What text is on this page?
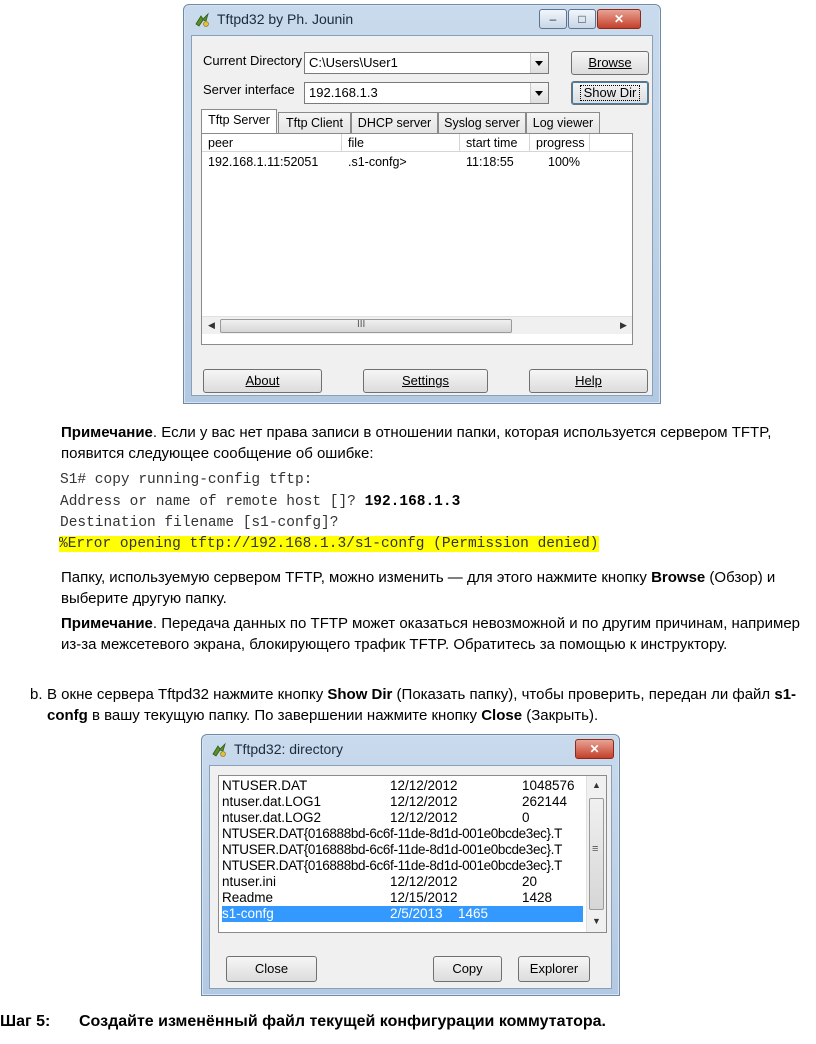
Tftpd32 by Ph. Jounin	‒	□	✕
Current Directory C:\Users\User1	Browse
Server interface 192.168.1.3	Show Dir
Tftp Server	Tftp Client	DHCP server	Syslog server	Log viewer
peer	file	start time	progress
192.168.1.11:52051 .s1-confg>	11:18:55	100%
◀	III	▶
About	Settings	Help
Примечание. Если у вас нет права записи в отношении папки, которая используется сервером TFTP, появится следующее сообщение об ошибке:
S1# copy running-config tftp:
Address or name of remote host []? 192.168.1.3
Destination filename [s1-confg]?
%Error opening tftp://192.168.1.3/s1-confg (Permission denied)
Папку, используемую сервером TFTP, можно изменить — для этого нажмите кнопку Browse (Обзор) и выберите другую папку.
Примечание. Передача данных по TFTP может оказаться невозможной и по другим причинам, например из-за межсетевого экрана, блокирующего трафик TFTP. Обратитесь за помощью к инструктору.
b. В окне сервера Tftpd32 нажмите кнопку Show Dir (Показать папку), чтобы проверить, передан ли файл s1-confg в вашу текущую папку. По завершении нажмите кнопку Close (Закрыть).
Tftpd32: directory	✕
NTUSER.DAT	12/12/2012	1048576
ntuser.dat.LOG1	12/12/2012	262144
ntuser.dat.LOG2	12/12/2012	0
NTUSER.DAT{016888bd-6c6f-11de-8d1d-001e0bcde3ec}.T
NTUSER.DAT{016888bd-6c6f-11de-8d1d-001e0bcde3ec}.T
NTUSER.DAT{016888bd-6c6f-11de-8d1d-001e0bcde3ec}.T
ntuser.ini	12/12/2012	20
Readme	12/15/2012	1428
s1-confg	2/5/2013 1465
▲
≡
▼
Close	Copy	Explorer
Шаг 5: Создайте изменённый файл текущей конфигурации коммутатора.
